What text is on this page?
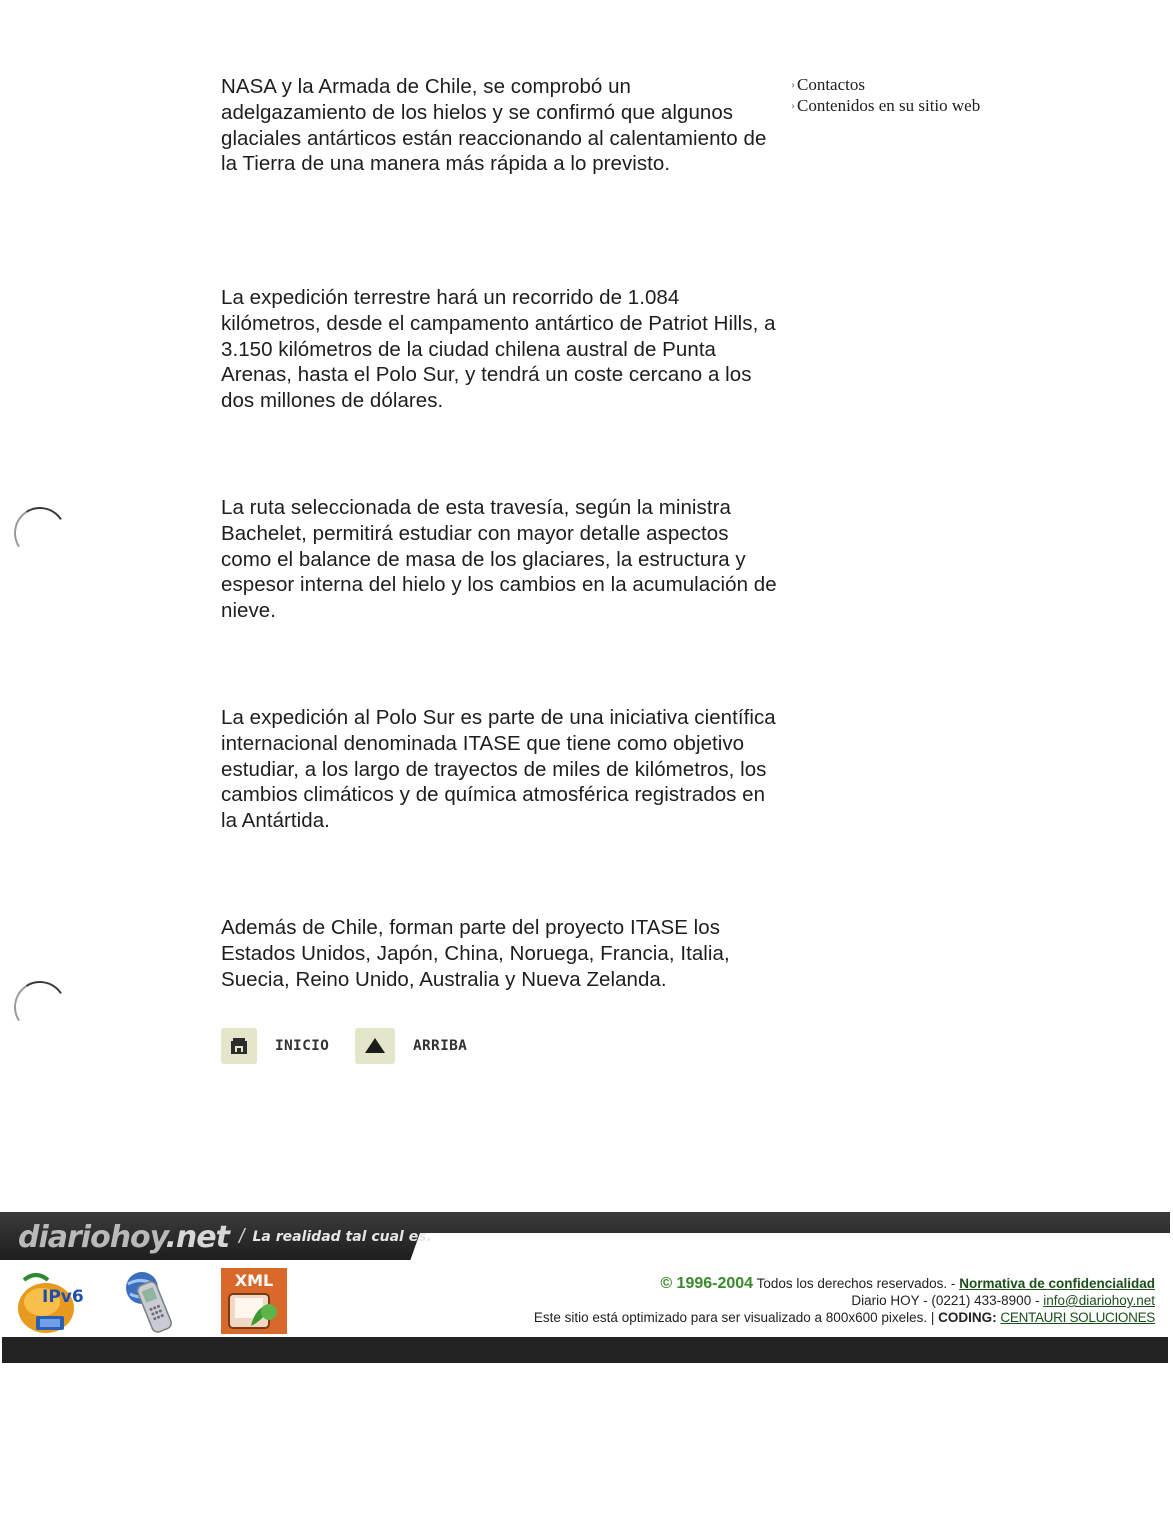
NASA y la Armada de Chile, se comprobó un adelgazamiento de los hielos y se confirmó que algunos glaciales antárticos están reaccionando al calentamiento de la Tierra de una manera más rápida a lo previsto.

La expedición terrestre hará un recorrido de 1.084 kilómetros, desde el campamento antártico de Patriot Hills, a 3.150 kilómetros de la ciudad chilena austral de Punta Arenas, hasta el Polo Sur, y tendrá un coste cercano a los dos millones de dólares.

La ruta seleccionada de esta travesía, según la ministra Bachelet, permitirá estudiar con mayor detalle aspectos como el balance de masa de los glaciares, la estructura y espesor interna del hielo y los cambios en la acumulación de nieve.

La expedición al Polo Sur es parte de una iniciativa científica internacional denominada ITASE que tiene como objetivo estudiar, a los largo de trayectos de miles de kilómetros, los cambios climáticos y de química atmosférica registrados en la Antártida.

Además de Chile, forman parte del proyecto ITASE los Estados Unidos, Japón, China, Noruega, Francia, Italia, Suecia, Reino Unido, Australia y Nueva Zelanda.

› Contactos
› Contenidos en su sitio web
INICIO	ARRIBA
diariohoy.net / La realidad tal cual es.
IPv6
XML	© 1996-2004 Todos los derechos reservados. - Normativa de confidencialidad
Diario HOY - (0221) 433-8900 - info@diariohoy.net
Este sitio está optimizado para ser visualizado a 800x600 pixeles. | CODING: CENTAURI SOLUCIONES
